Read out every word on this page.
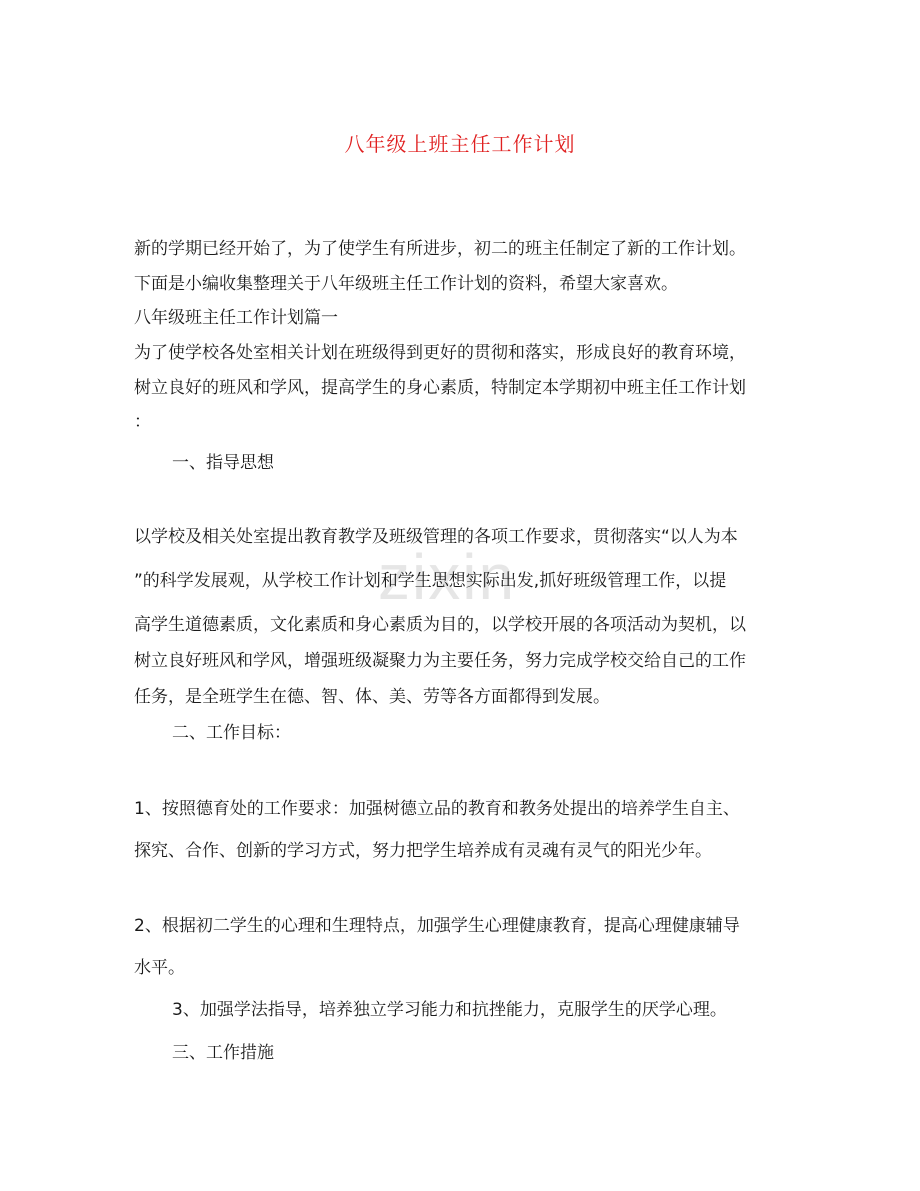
zixin
八年级上班主任工作计划
新的学期已经开始了，为了使学生有所进步，初二的班主任制定了新的工作计划。
下面是小编收集整理关于八年级班主任工作计划的资料，希望大家喜欢。
八年级班主任工作计划篇一
为了使学校各处室相关计划在班级得到更好的贯彻和落实，形成良好的教育环境，
树立良好的班风和学风，提高学生的身心素质，特制定本学期初中班主任工作计划
：
一、指导思想
以学校及相关处室提出教育教学及班级管理的各项工作要求，贯彻落实“以人为本
”的科学发展观，从学校工作计划和学生思想实际出发,抓好班级管理工作，以提
高学生道德素质，文化素质和身心素质为目的，以学校开展的各项活动为契机，以
树立良好班风和学风，增强班级凝聚力为主要任务，努力完成学校交给自己的工作
任务，是全班学生在德、智、体、美、劳等各方面都得到发展。
二、工作目标：
1、按照德育处的工作要求：加强树德立品的教育和教务处提出的培养学生自主、
探究、合作、创新的学习方式，努力把学生培养成有灵魂有灵气的阳光少年。
2、根据初二学生的心理和生理特点，加强学生心理健康教育，提高心理健康辅导
水平。
3、加强学法指导，培养独立学习能力和抗挫能力，克服学生的厌学心理。
三、工作措施
